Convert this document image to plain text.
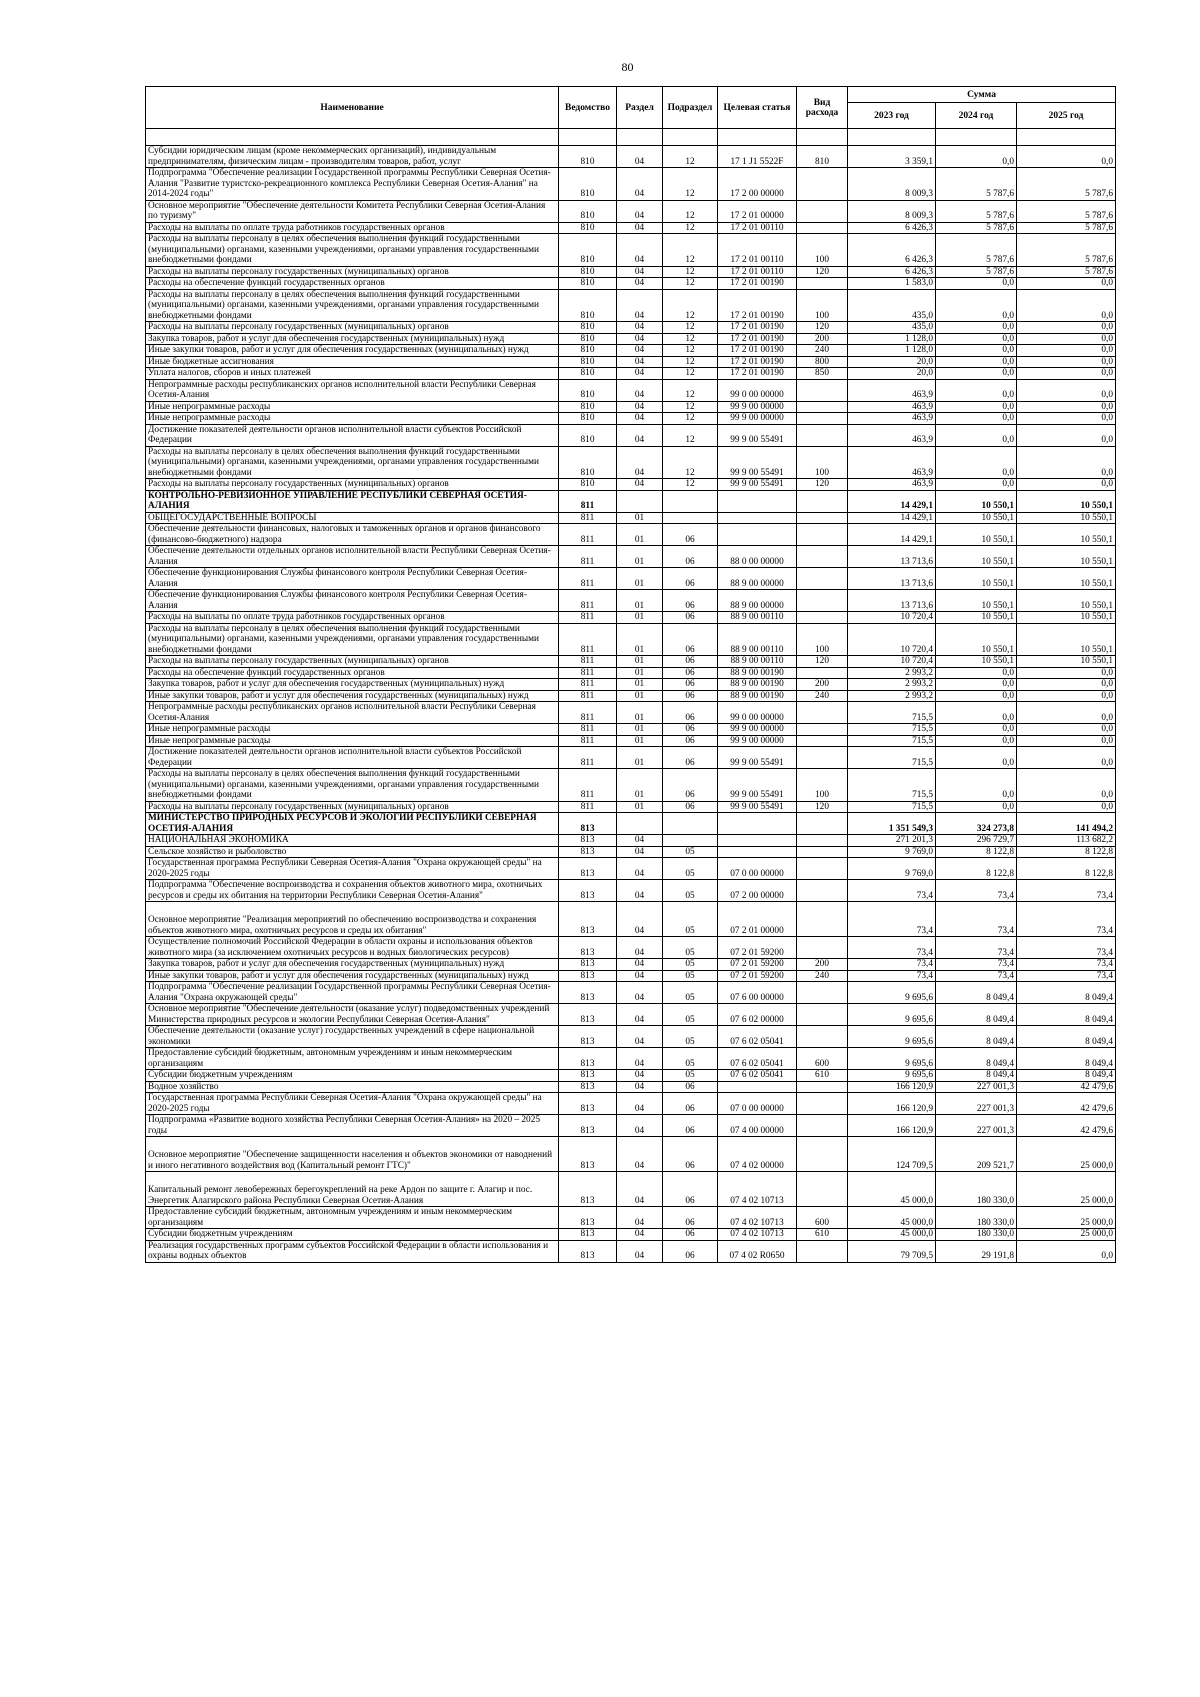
80
Наименование	Ведомство	Раздел	Подраздел	Целевая статья	Вид расхода	Сумма		
						2023 год	2024 год	2025 год

Субсидии юридическим лицам (кроме некоммерческих организаций), индивидуальным предпринимателям, физическим лицам - производителям товаров, работ, услуг	810	04	12	17 1 J1 5522F	810	3 359,1	0,0	0,0
Подпрограмма "Обеспечение реализации Государственной программы Республики Северная Осетия-Алания "Развитие туристско-рекреационного комплекса Республики Северная Осетия-Алания" на 2014-2024 годы"	810	04	12	17 2 00 00000		8 009,3	5 787,6	5 787,6
Основное мероприятие "Обеспечение деятельности Комитета Республики Северная Осетия-Алания по туризму"	810	04	12	17 2 01 00000		8 009,3	5 787,6	5 787,6
Расходы на выплаты по оплате труда работников государственных органов	810	04	12	17 2 01 00110		6 426,3	5 787,6	5 787,6
Расходы на выплаты персоналу в целях обеспечения выполнения функций государственными (муниципальными) органами, казенными учреждениями, органами управления государственными внебюджетными фондами	810	04	12	17 2 01 00110	100	6 426,3	5 787,6	5 787,6
Расходы на выплаты персоналу государственных (муниципальных) органов	810	04	12	17 2 01 00110	120	6 426,3	5 787,6	5 787,6
Расходы на обеспечение функций государственных органов	810	04	12	17 2 01 00190		1 583,0	0,0	0,0
Расходы на выплаты персоналу в целях обеспечения выполнения функций государственными (муниципальными) органами, казенными учреждениями, органами управления государственными внебюджетными фондами	810	04	12	17 2 01 00190	100	435,0	0,0	0,0
Расходы на выплаты персоналу государственных (муниципальных) органов	810	04	12	17 2 01 00190	120	435,0	0,0	0,0
Закупка товаров, работ и услуг для обеспечения государственных (муниципальных) нужд	810	04	12	17 2 01 00190	200	1 128,0	0,0	0,0
Иные закупки товаров, работ и услуг для обеспечения государственных (муниципальных) нужд	810	04	12	17 2 01 00190	240	1 128,0	0,0	0,0
Иные бюджетные ассигнования	810	04	12	17 2 01 00190	800	20,0	0,0	0,0
Уплата налогов, сборов и иных платежей	810	04	12	17 2 01 00190	850	20,0	0,0	0,0
Непрограммные расходы республиканских органов исполнительной власти Республики Северная Осетия-Алания	810	04	12	99 0 00 00000		463,9	0,0	0,0
Иные непрограммные расходы	810	04	12	99 9 00 00000		463,9	0,0	0,0
Иные непрограммные расходы	810	04	12	99 9 00 00000		463,9	0,0	0,0
Достижение показателей деятельности органов исполнительной власти субъектов Российской Федерации	810	04	12	99 9 00 55491		463,9	0,0	0,0
Расходы на выплаты персоналу в целях обеспечения выполнения функций государственными (муниципальными) органами, казенными учреждениями, органами управления государственными внебюджетными фондами	810	04	12	99 9 00 55491	100	463,9	0,0	0,0
Расходы на выплаты персоналу государственных (муниципальных) органов	810	04	12	99 9 00 55491	120	463,9	0,0	0,0
КОНТРОЛЬНО-РЕВИЗИОННОЕ УПРАВЛЕНИЕ РЕСПУБЛИКИ СЕВЕРНАЯ ОСЕТИЯ-АЛАНИЯ	811					14 429,1	10 550,1	10 550,1
ОБЩЕГОСУДАРСТВЕННЫЕ ВОПРОСЫ	811	01				14 429,1	10 550,1	10 550,1
Обеспечение деятельности финансовых, налоговых и таможенных органов и органов финансового (финансово-бюджетного) надзора	811	01	06			14 429,1	10 550,1	10 550,1
Обеспечение деятельности отдельных органов исполнительной власти Республики Северная Осетия-Алания	811	01	06	88 0 00 00000		13 713,6	10 550,1	10 550,1
Обеспечение функционирования Службы финансового контроля Республики Северная Осетия-Алания	811	01	06	88 9 00 00000		13 713,6	10 550,1	10 550,1
Обеспечение функционирования Службы финансового контроля Республики Северная Осетия-Алания	811	01	06	88 9 00 00000		13 713,6	10 550,1	10 550,1
Расходы на выплаты по оплате труда работников государственных органов	811	01	06	88 9 00 00110		10 720,4	10 550,1	10 550,1
Расходы на выплаты персоналу в целях обеспечения выполнения функций государственными (муниципальными) органами, казенными учреждениями, органами управления государственными внебюджетными фондами	811	01	06	88 9 00 00110	100	10 720,4	10 550,1	10 550,1
Расходы на выплаты персоналу государственных (муниципальных) органов	811	01	06	88 9 00 00110	120	10 720,4	10 550,1	10 550,1
Расходы на обеспечение функций государственных органов	811	01	06	88 9 00 00190		2 993,2	0,0	0,0
Закупка товаров, работ и услуг для обеспечения государственных (муниципальных) нужд	811	01	06	88 9 00 00190	200	2 993,2	0,0	0,0
Иные закупки товаров, работ и услуг для обеспечения государственных (муниципальных) нужд	811	01	06	88 9 00 00190	240	2 993,2	0,0	0,0
Непрограммные расходы республиканских органов исполнительной власти Республики Северная Осетия-Алания	811	01	06	99 0 00 00000		715,5	0,0	0,0
Иные непрограммные расходы	811	01	06	99 9 00 00000		715,5	0,0	0,0
Иные непрограммные расходы	811	01	06	99 9 00 00000		715,5	0,0	0,0
Достижение показателей деятельности органов исполнительной власти субъектов Российской Федерации	811	01	06	99 9 00 55491		715,5	0,0	0,0
Расходы на выплаты персоналу в целях обеспечения выполнения функций государственными (муниципальными) органами, казенными учреждениями, органами управления государственными внебюджетными фондами	811	01	06	99 9 00 55491	100	715,5	0,0	0,0
Расходы на выплаты персоналу государственных (муниципальных) органов	811	01	06	99 9 00 55491	120	715,5	0,0	0,0
МИНИСТЕРСТВО ПРИРОДНЫХ РЕСУРСОВ И ЭКОЛОГИИ РЕСПУБЛИКИ СЕВЕРНАЯ ОСЕТИЯ-АЛАНИЯ	813					1 351 549,3	324 273,8	141 494,2
НАЦИОНАЛЬНАЯ ЭКОНОМИКА	813	04				271 201,3	296 729,7	113 682,2
Сельское хозяйство и рыболовство	813	04	05			9 769,0	8 122,8	8 122,8
Государственная программа Республики Северная Осетия-Алания "Охрана окружающей среды" на 2020-2025 годы	813	04	05	07 0 00 00000		9 769,0	8 122,8	8 122,8
Подпрограмма "Обеспечение воспроизводства и сохранения объектов животного мира, охотничьих ресурсов и среды их обитания на территории Республики Северная Осетия-Алания"	813	04	05	07 2 00 00000		73,4	73,4	73,4
Основное мероприятие "Реализация мероприятий по обеспечению воспроизводства и сохранения объектов животного мира, охотничьих ресурсов и среды их обитания"	813	04	05	07 2 01 00000		73,4	73,4	73,4
Осуществление полномочий Российской Федерации в области охраны и использования объектов животного мира (за исключением охотничьих ресурсов и водных биологических ресурсов)	813	04	05	07 2 01 59200		73,4	73,4	73,4
Закупка товаров, работ и услуг для обеспечения государственных (муниципальных) нужд	813	04	05	07 2 01 59200	200	73,4	73,4	73,4
Иные закупки товаров, работ и услуг для обеспечения государственных (муниципальных) нужд	813	04	05	07 2 01 59200	240	73,4	73,4	73,4
Подпрограмма "Обеспечение реализации Государственной программы Республики Северная Осетия-Алания "Охрана окружающей среды"	813	04	05	07 6 00 00000		9 695,6	8 049,4	8 049,4
Основное мероприятие "Обеспечение деятельности (оказание услуг) подведомственных учреждений Министерства природных ресурсов и экологии Республики Северная Осетия-Алания"	813	04	05	07 6 02 00000		9 695,6	8 049,4	8 049,4
Обеспечение деятельности (оказание услуг) государственных учреждений в сфере национальной экономики	813	04	05	07 6 02 05041		9 695,6	8 049,4	8 049,4
Предоставление субсидий бюджетным, автономным учреждениям и иным некоммерческим организациям	813	04	05	07 6 02 05041	600	9 695,6	8 049,4	8 049,4
Субсидии бюджетным учреждениям	813	04	05	07 6 02 05041	610	9 695,6	8 049,4	8 049,4
Водное хозяйство	813	04	06			166 120,9	227 001,3	42 479,6
Государственная программа Республики Северная Осетия-Алания "Охрана окружающей среды" на 2020-2025 годы	813	04	06	07 0 00 00000		166 120,9	227 001,3	42 479,6
Подпрограмма «Развитие водного хозяйства Республики Северная Осетия-Алания» на 2020 – 2025 годы	813	04	06	07 4 00 00000		166 120,9	227 001,3	42 479,6
Основное мероприятие "Обеспечение защищенности населения и объектов экономики от наводнений и иного негативного воздействия вод (Капитальный ремонт ГТС)"	813	04	06	07 4 02 00000		124 709,5	209 521,7	25 000,0
Капитальный ремонт левобережных берегоукреплений на реке Ардон по защите г. Алагир и пос. Энергетик Алагирского района Республики Северная Осетия-Алания	813	04	06	07 4 02 10713		45 000,0	180 330,0	25 000,0
Предоставление субсидий бюджетным, автономным учреждениям и иным некоммерческим организациям	813	04	06	07 4 02 10713	600	45 000,0	180 330,0	25 000,0
Субсидии бюджетным учреждениям	813	04	06	07 4 02 10713	610	45 000,0	180 330,0	25 000,0
Реализация государственных программ субъектов Российской Федерации в области использования и охраны водных объектов	813	04	06	07 4 02 R0650		79 709,5	29 191,8	0,0
